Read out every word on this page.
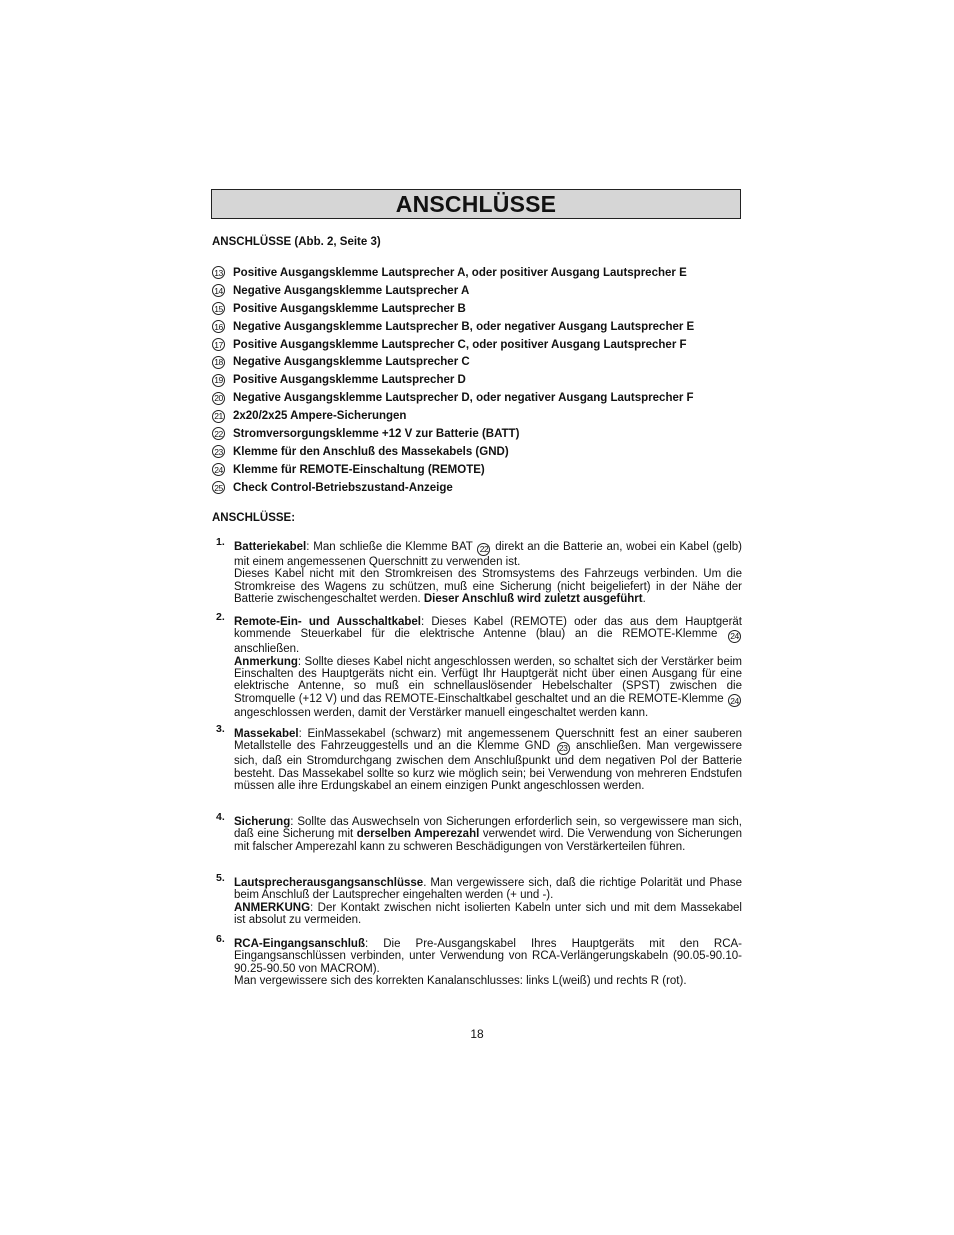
ANSCHLÜSSE
ANSCHLÜSSE (Abb. 2, Seite 3)
13 Positive Ausgangsklemme Lautsprecher A, oder positiver Ausgang Lautsprecher E
14 Negative Ausgangsklemme Lautsprecher A
15 Positive Ausgangsklemme Lautsprecher B
16 Negative Ausgangsklemme Lautsprecher B, oder negativer Ausgang Lautsprecher E
17 Positive Ausgangsklemme Lautsprecher C, oder positiver Ausgang Lautsprecher F
18 Negative Ausgangsklemme Lautsprecher C
19 Positive Ausgangsklemme Lautsprecher D
20 Negative Ausgangsklemme Lautsprecher D, oder negativer Ausgang Lautsprecher F
21 2x20/2x25 Ampere-Sicherungen
22 Stromversorgungsklemme +12 V zur Batterie (BATT)
23 Klemme für den Anschluß des Massekabels (GND)
24 Klemme für REMOTE-Einschaltung (REMOTE)
25 Check Control-Betriebszustand-Anzeige
ANSCHLÜSSE:
1. Batteriekabel: Man schließe die Klemme BAT 22 direkt an die Batterie an, wobei ein Kabel (gelb) mit einem angemessenen Querschnitt zu verwenden ist.

Dieses Kabel nicht mit den Stromkreisen des Stromsystems des Fahrzeugs verbinden. Um die Stromkreise des Wagens zu schützen, muß eine Sicherung (nicht beigeliefert) in der Nähe der Batterie zwischengeschaltet werden. Dieser Anschluß wird zuletzt ausgeführt.

2. Remote-Ein- und Ausschaltkabel: Dieses Kabel (REMOTE) oder das aus dem Hauptgerät kommende Steuerkabel für die elektrische Antenne (blau) an die REMOTE-Klemme 24 anschließen.

Anmerkung: Sollte dieses Kabel nicht angeschlossen werden, so schaltet sich der Verstärker beim Einschalten des Hauptgeräts nicht ein. Verfügt Ihr Hauptgerät nicht über einen Ausgang für eine elektrische Antenne, so muß ein schnellauslösender Hebelschalter (SPST) zwischen die Stromquelle (+12 V) und das REMOTE-Einschaltkabel geschaltet und an die REMOTE-Klemme 24 angeschlossen werden, damit der Verstärker manuell eingeschaltet werden kann.

3. Massekabel: EinMassekabel (schwarz) mit angemessenem Querschnitt fest an einer sauberen Metallstelle des Fahrzeuggestells und an die Klemme GND 23 anschließen. Man vergewissere sich, daß ein Stromdurchgang zwischen dem Anschlußpunkt und dem negativen Pol der Batterie besteht. Das Massekabel sollte so kurz wie möglich sein; bei Verwendung von mehreren Endstufen müssen alle ihre Erdungskabel an einem einzigen Punkt angeschlossen werden.

4. Sicherung: Sollte das Auswechseln von Sicherungen erforderlich sein, so vergewissere man sich, daß eine Sicherung mit derselben Amperezahl verwendet wird. Die Verwendung von Sicherungen mit falscher Amperezahl kann zu schweren Beschädigungen von Verstärkerteilen führen.

5. Lautsprecherausgangsanschlüsse. Man vergewissere sich, daß die richtige Polarität und Phase beim Anschluß der Lautsprecher eingehalten werden (+ und -).

ANMERKUNG: Der Kontakt zwischen nicht isolierten Kabeln unter sich und mit dem Massekabel ist absolut zu vermeiden.

6. RCA-Eingangsanschluß: Die Pre-Ausgangskabel Ihres Hauptgeräts mit den RCA-Eingangsanschlüssen verbinden, unter Verwendung von RCA-Verlängerungskabeln (90.05-90.10-90.25-90.50 von MACROM).

Man vergewissere sich des korrekten Kanalanschlusses: links L(weiß) und rechts R (rot).

18
